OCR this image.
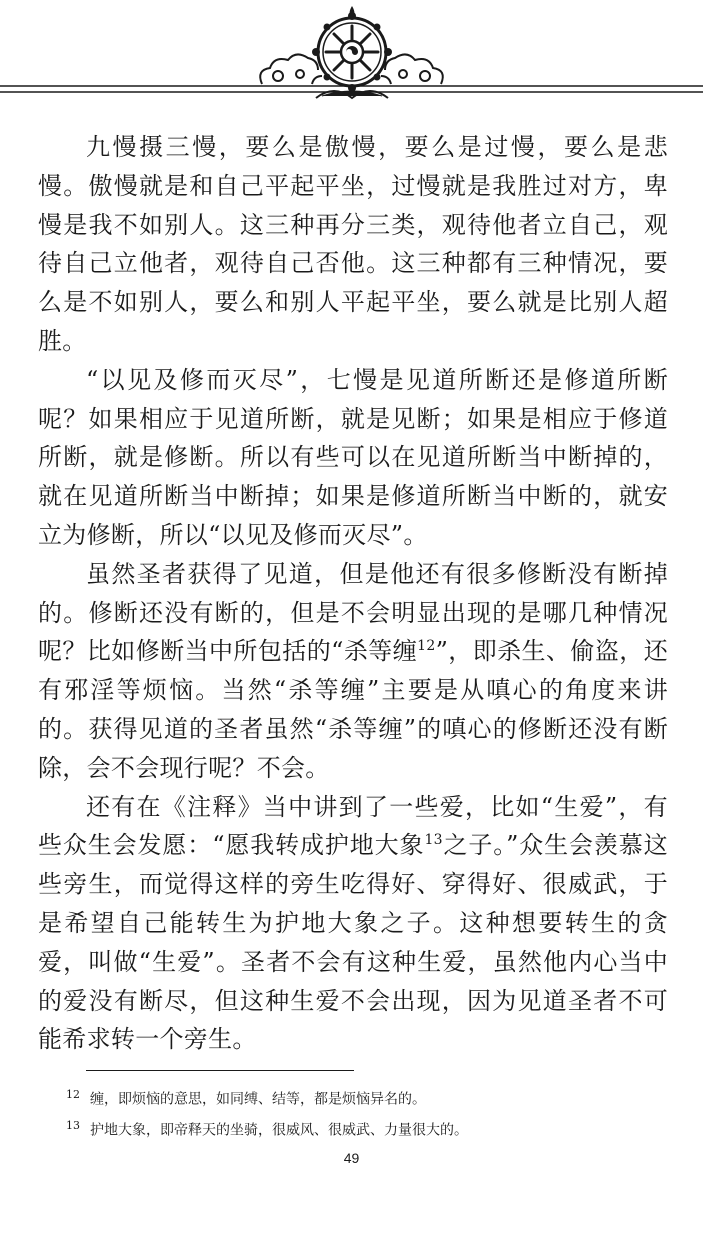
九慢摄三慢，要么是傲慢，要么是过慢，要么是悲慢。傲慢就是和自己平起平坐，过慢就是我胜过对方，卑慢是我不如别人。这三种再分三类，观待他者立自己，观待自己立他者，观待自己否他。这三种都有三种情况，要么是不如别人，要么和别人平起平坐，要么就是比别人超胜。

“以见及修而灭尽”，七慢是见道所断还是修道所断呢？如果相应于见道所断，就是见断；如果是相应于修道所断，就是修断。所以有些可以在见道所断当中断掉的，就在见道所断当中断掉；如果是修道所断当中断的，就安立为修断，所以“以见及修而灭尽”。

虽然圣者获得了见道，但是他还有很多修断没有断掉的。修断还没有断的，但是不会明显出现的是哪几种情况呢？比如修断当中所包括的“杀等缠$^{12}$”，即杀生、偷盗，还有邪淫等烦恼。当然“杀等缠”主要是从嗔心的角度来讲的。获得见道的圣者虽然“杀等缠”的嗔心的修断还没有断除，会不会现行呢？不会。

还有在《注释》当中讲到了一些爱，比如“生爱”，有些众生会发愿：“愿我转成护地大象$^{13}$之子。”众生会羡慕这些旁生，而觉得这样的旁生吃得好、穿得好、很威武，于是希望自己能转生为护地大象之子。这种想要转生的贪爱，叫做“生爱”。圣者不会有这种生爱，虽然他内心当中的爱没有断尽，但这种生爱不会出现，因为见道圣者不可能希求转一个旁生。

$^{12}$ 缠，即烦恼的意思，如同缚、结等，都是烦恼异名的。
$^{13}$ 护地大象，即帝释天的坐骑，很威风、很威武、力量很大的。
49
